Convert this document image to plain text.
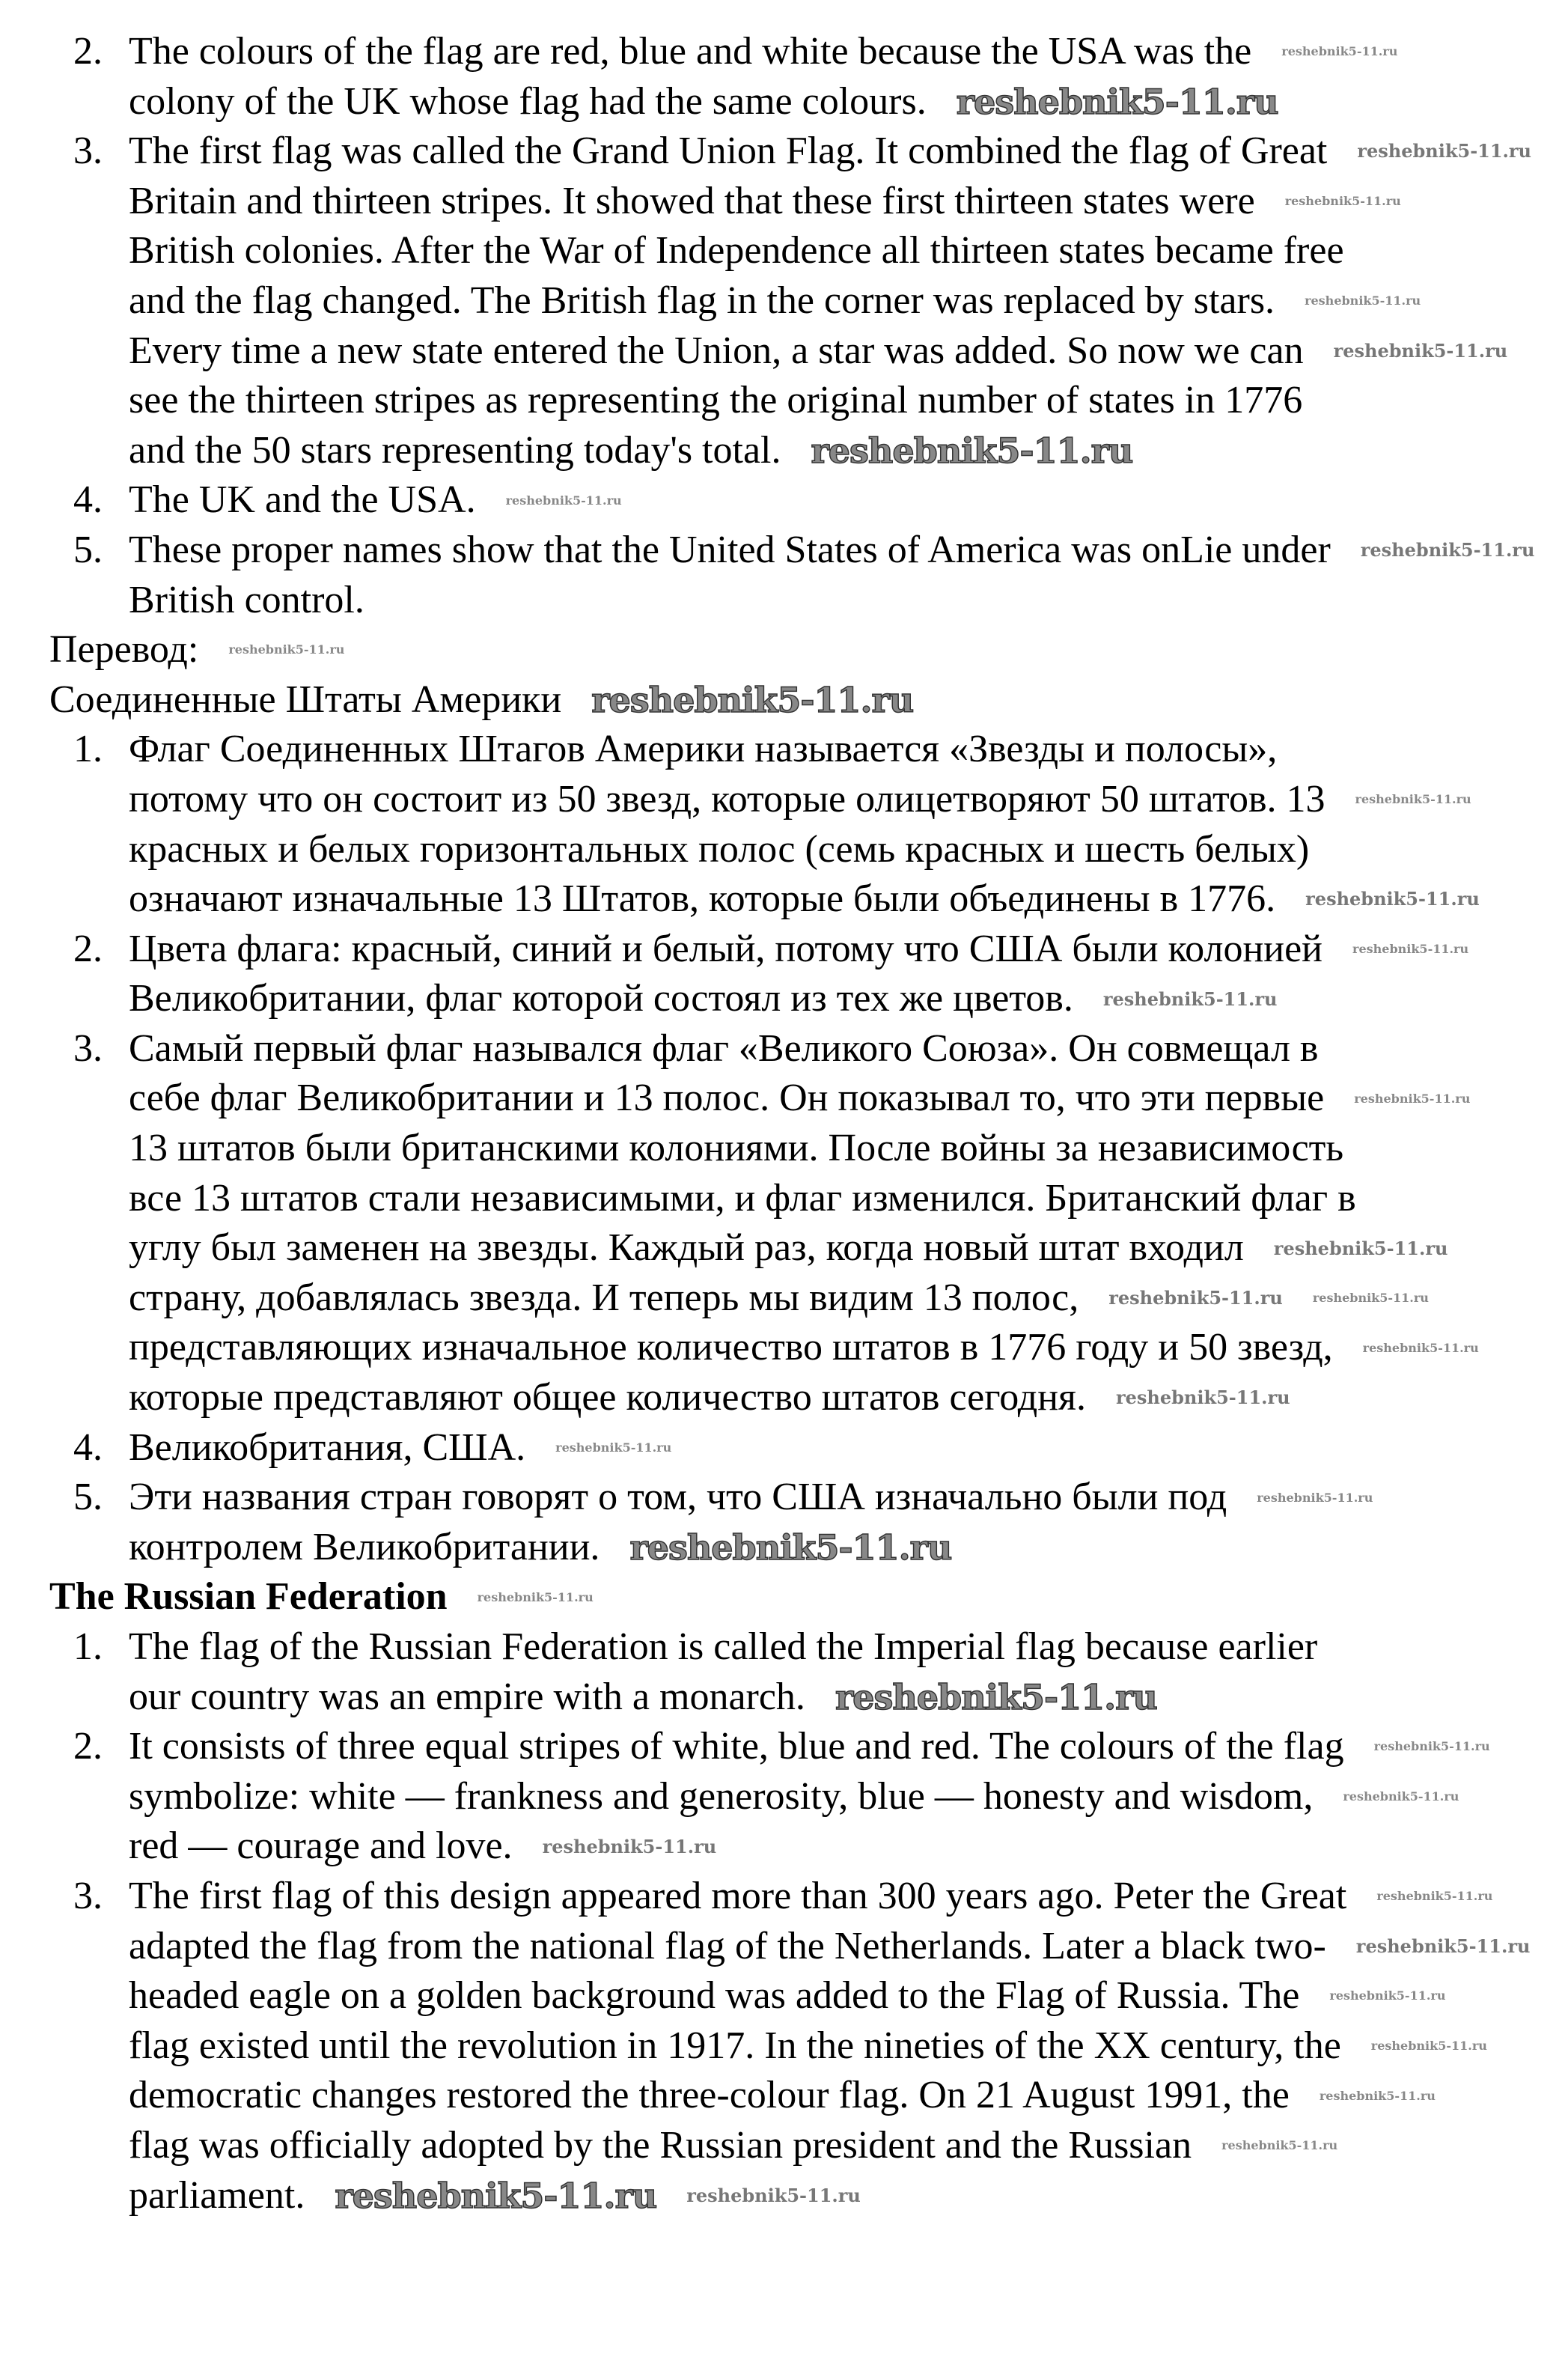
2. The colours of the flag are red, blue and white because the USA was the
colony of the UK whose flag had the same colours.
3. The first flag was called the Grand Union Flag. It combined the flag of Great
Britain and thirteen stripes. It showed that these first thirteen states were
British colonies. After the War of Independence all thirteen states became free
and the flag changed. The British flag in the corner was replaced by stars.
Every time a new state entered the Union, a star was added. So now we can
see the thirteen stripes as representing the original number of states in 1776
and the 50 stars representing today's total.
4. The UK and the USA.
5. These proper names show that the United States of America was onLie under
British control.
Перевод:
Соединенные Штаты Америки
1. Флаг Соединенных Штагов Америки называется «Звезды и полосы»,
потому что он состоит из 50 звезд, которые олицетворяют 50 штатов. 13
красных и белых горизонтальных полос (семь красных и шесть белых)
означают изначальные 13 Штатов, которые были объединены в 1776.
2. Цвета флага: красный, синий и белый, потому что США были колонией
Великобритании, флаг которой состоял из тех же цветов.
3. Самый первый флаг назывался флаг «Великого Союза». Он совмещал в
себе флаг Великобритании и 13 полос. Он показывал то, что эти первые
13 штатов были британскими колониями. После войны за независимость
все 13 штатов стали независимыми, и флаг изменился. Британский флаг в
углу был заменен на звезды. Каждый раз, когда новый штат входил
страну, добавлялась звезда. И теперь мы видим 13 полос,
представляющих изначальное количество штатов в 1776 году и 50 звезд,
которые представляют общее количество штатов сегодня.
4. Великобритания, США.
5. Эти названия стран говорят о том, что США изначально были под
контролем Великобритании.
The Russian Federation
1. The flag of the Russian Federation is called the Imperial flag because earlier
our country was an empire with a monarch.
2. It consists of three equal stripes of white, blue and red. The colours of the flag
symbolize: white — frankness and generosity, blue — honesty and wisdom,
red — courage and love.
3. The first flag of this design appeared more than 300 years ago. Peter the Great
adapted the flag from the national flag of the Netherlands. Later a black two-
headed eagle on a golden background was added to the Flag of Russia. The
flag existed until the revolution in 1917. In the nineties of the XX century, the
democratic changes restored the three-colour flag. On 21 August 1991, the
flag was officially adopted by the Russian president and the Russian
parliament.
reshebnik5-11.ru
reshebnik5-11.ru
reshebnik5-11.ru
reshebnik5-11.ru
reshebnik5-11.ru
reshebnik5-11.ru
reshebnik5-11.ru
reshebnik5-11.ru
reshebnik5-11.ru
reshebnik5-11.ru
reshebnik5-11.ru
reshebnik5-11.ru
reshebnik5-11.ru
reshebnik5-11.ru
reshebnik5-11.ru
reshebnik5-11.ru
reshebnik5-11.ru
reshebnik5-11.ru
reshebnik5-11.ru
reshebnik5-11.ru
reshebnik5-11.ru
reshebnik5-11.ru
reshebnik5-11.ru
reshebnik5-11.ru
reshebnik5-11.ru
reshebnik5-11.ru
reshebnik5-11.ru
reshebnik5-11.ru
reshebnik5-11.ru
reshebnik5-11.ru
reshebnik5-11.ru
reshebnik5-11.ru
reshebnik5-11.ru
reshebnik5-11.ru
reshebnik5-11.ru
reshebnik5-11.ru
reshebnik5-11.ru
